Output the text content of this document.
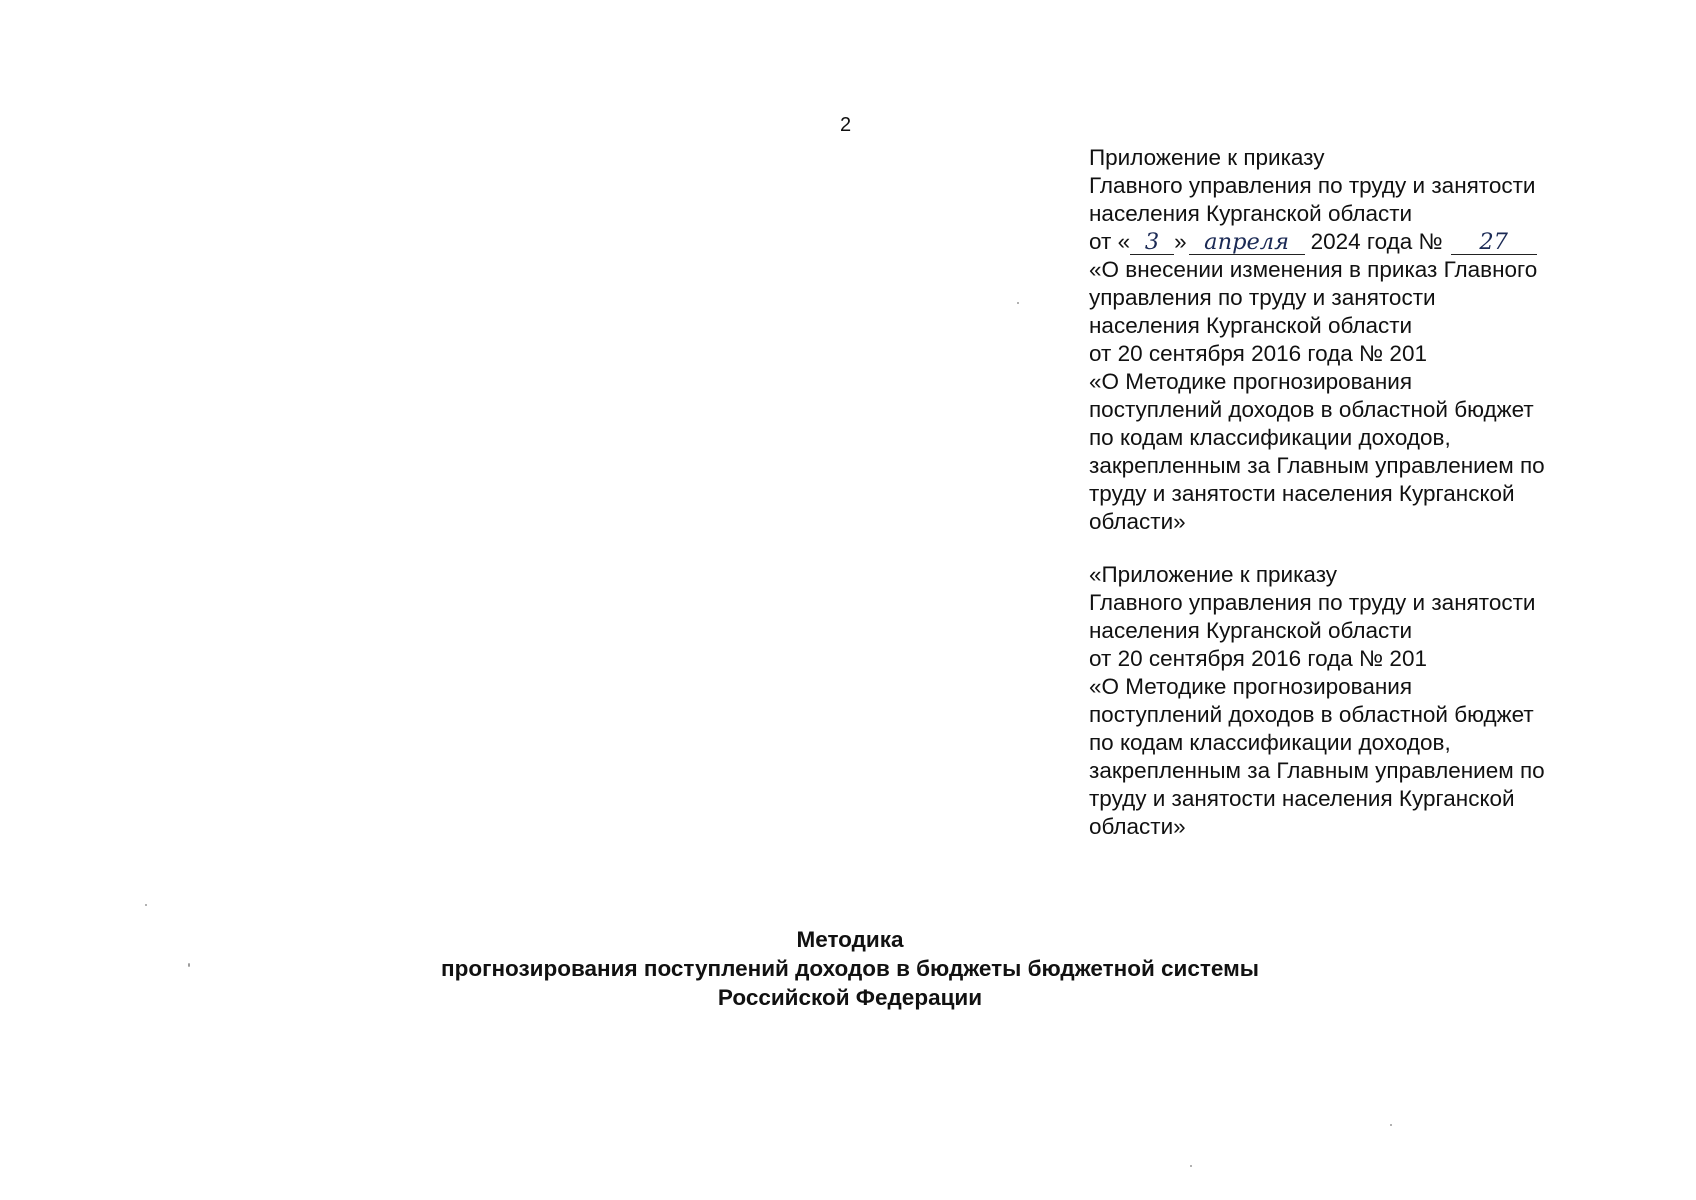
2
Приложение к приказу
Главного управления по труду и занятости
населения Курганской области
от « 3 » апреля 2024 года № 27
«О внесении изменения в приказ Главного
управления по труду и занятости
населения Курганской области
от 20 сентября 2016 года № 201
«О Методике прогнозирования
поступлений доходов в областной бюджет
по кодам классификации доходов,
закрепленным за Главным управлением по
труду и занятости населения Курганской
области»
«Приложение к приказу
Главного управления по труду и занятости
населения Курганской области
от 20 сентября 2016 года № 201
«О Методике прогнозирования
поступлений доходов в областной бюджет
по кодам классификации доходов,
закрепленным за Главным управлением по
труду и занятости населения Курганской
области»
Методика
прогнозирования поступлений доходов в бюджеты бюджетной системы
Российской Федерации
